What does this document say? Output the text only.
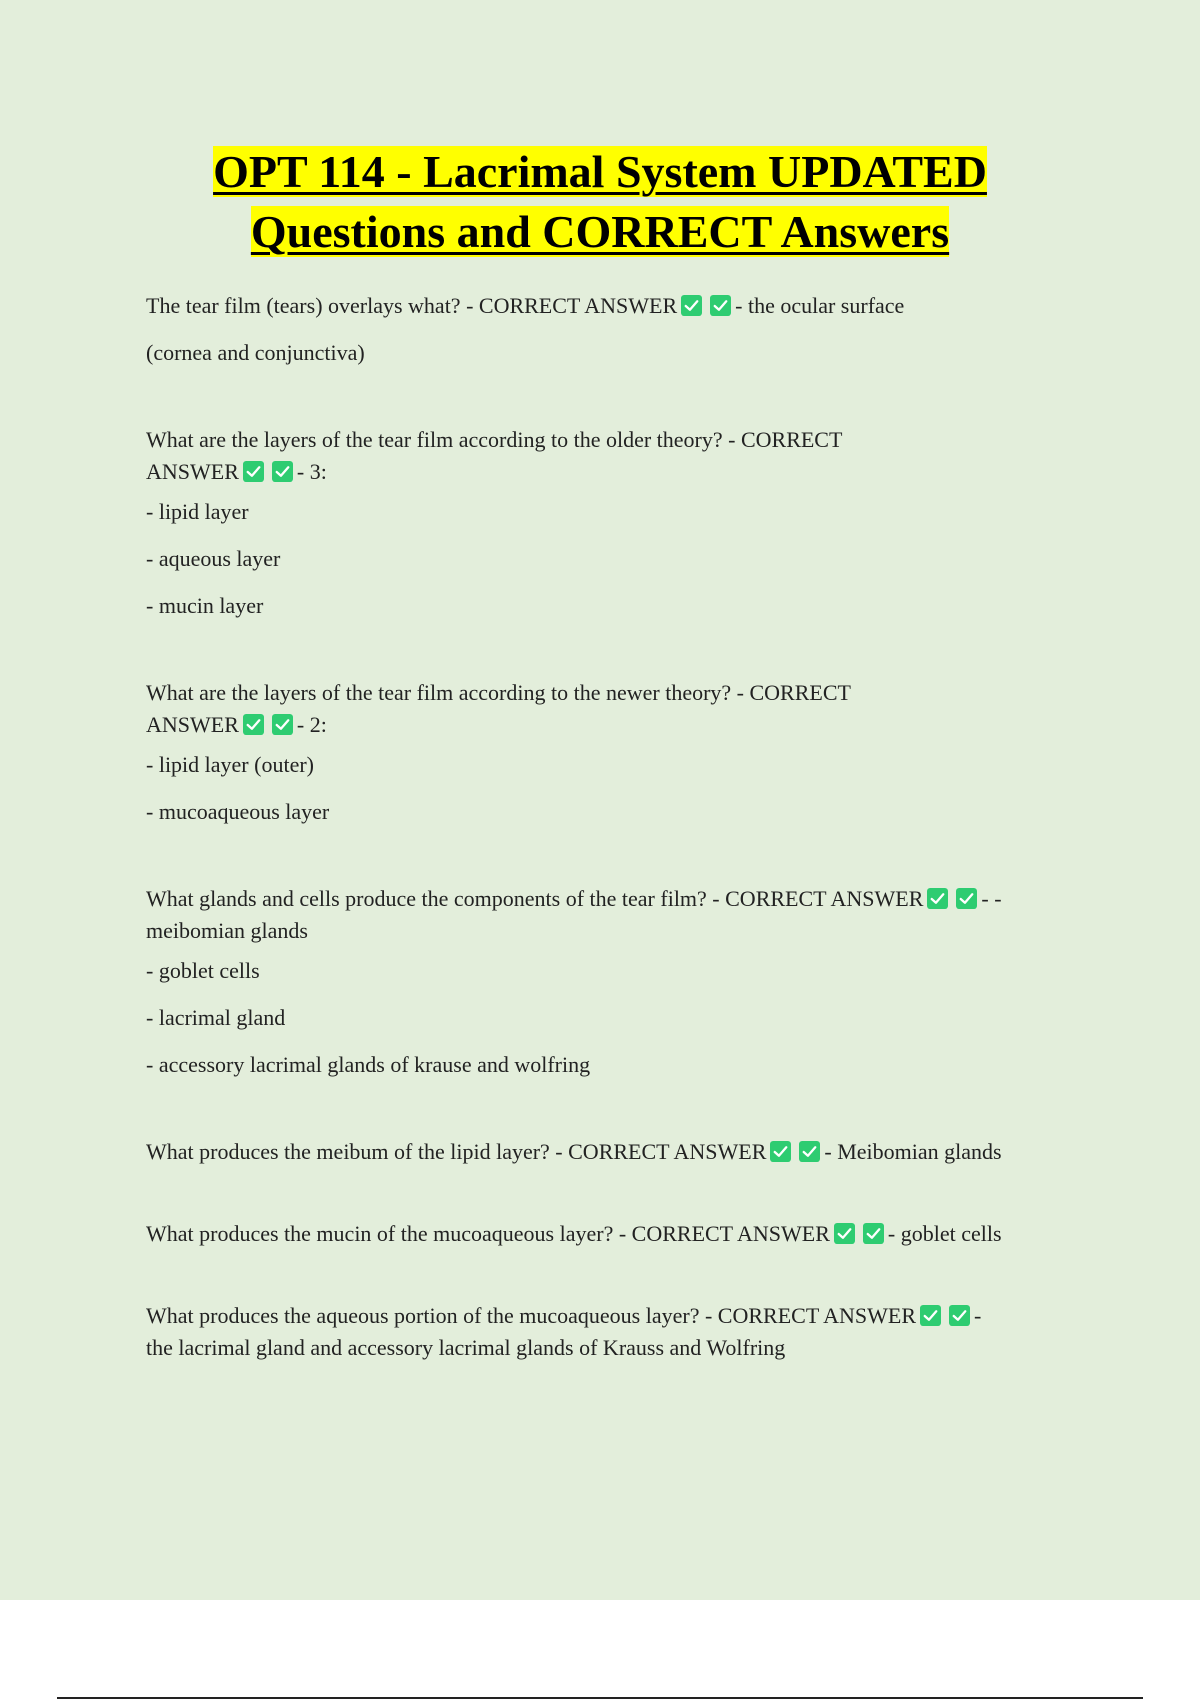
OPT 114 - Lacrimal System UPDATED
Questions and CORRECT Answers

The tear film (tears) overlays what? - CORRECT ANSWER	- the ocular surface

(cornea and conjunctiva)

What are the layers of the tear film according to the older theory? - CORRECT

ANSWER	- 3:

- lipid layer

- aqueous layer

- mucin layer

What are the layers of the tear film according to the newer theory? - CORRECT

ANSWER	- 2:

- lipid layer (outer)

- mucoaqueous layer

What glands and cells produce the components of the tear film? - CORRECT ANSWER	- -

meibomian glands

- goblet cells

- lacrimal gland

- accessory lacrimal glands of krause and wolfring

What produces the meibum of the lipid layer? - CORRECT ANSWER	- Meibomian glands

What produces the mucin of the mucoaqueous layer? - CORRECT ANSWER	- goblet cells

What produces the aqueous portion of the mucoaqueous layer? - CORRECT ANSWER	-

the lacrimal gland and accessory lacrimal glands of Krauss and Wolfring
